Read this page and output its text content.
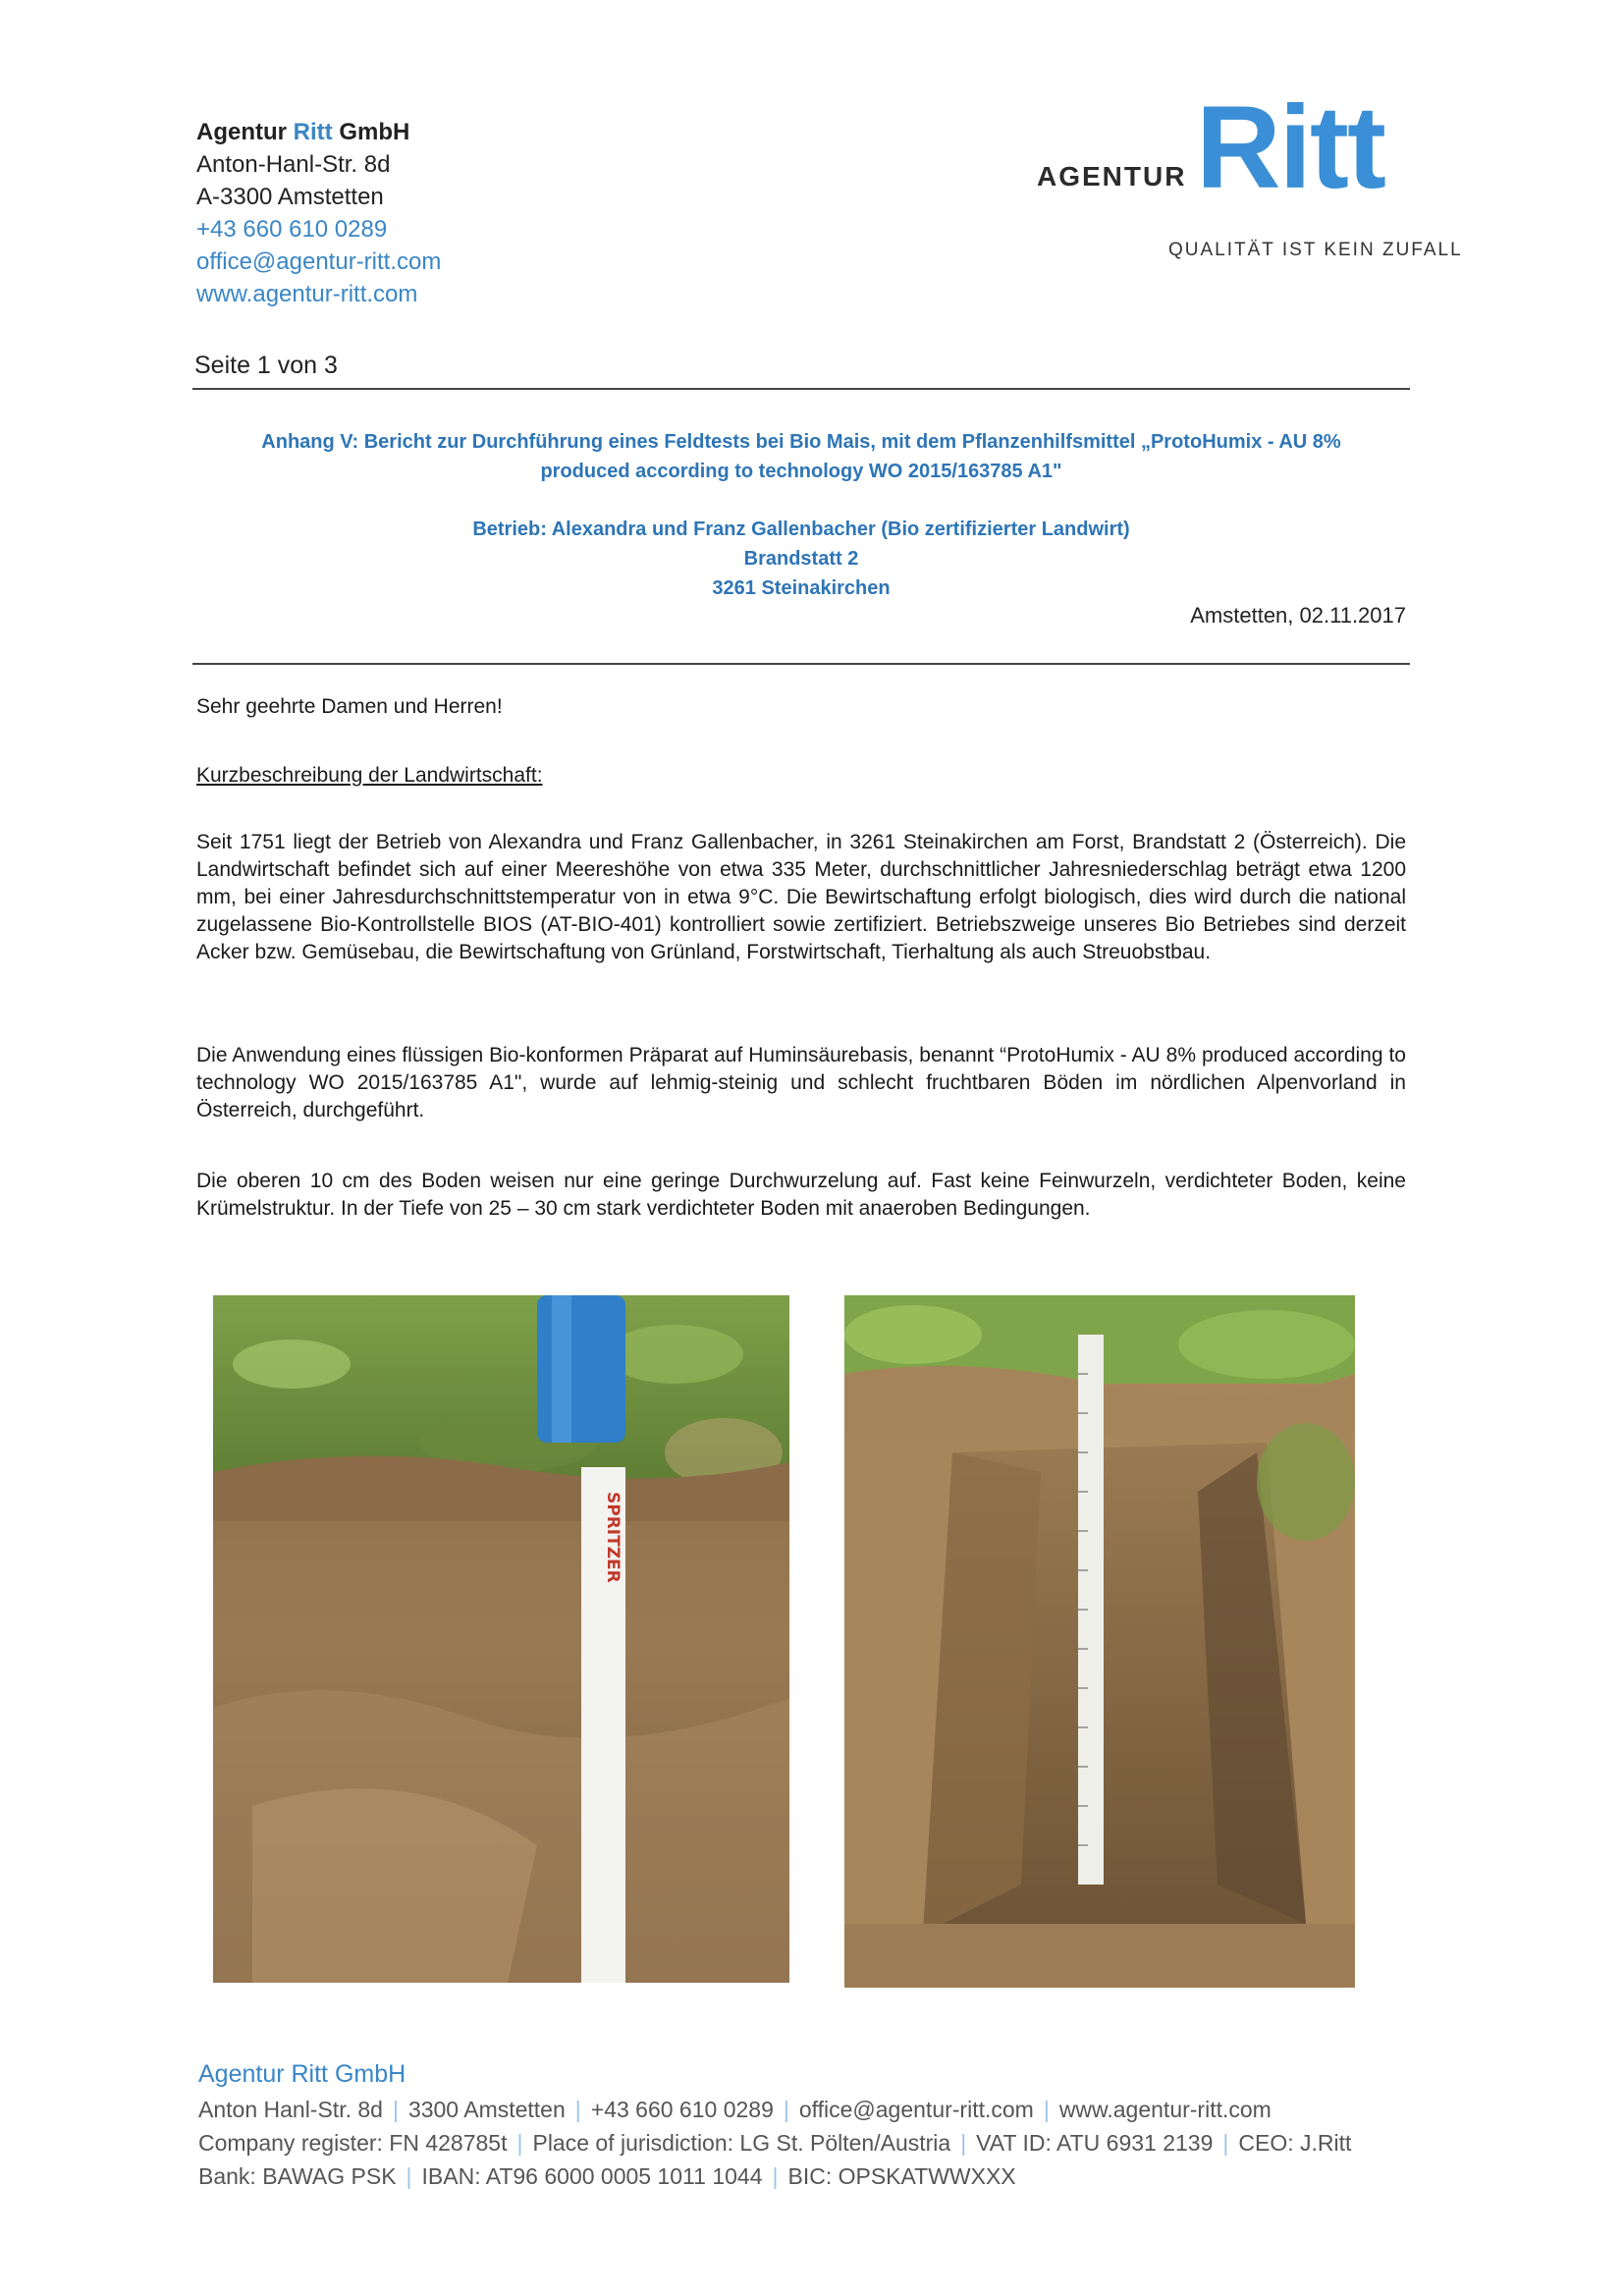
Agentur Ritt GmbH
Anton-Hanl-Str. 8d
A-3300 Amstetten
+43 660 610 0289
office@agentur-ritt.com
www.agentur-ritt.com
AGENTUR Ritt
QUALITÄT IST KEIN ZUFALL
Seite 1 von 3
Anhang V: Bericht zur Durchführung eines Feldtests bei Bio Mais, mit dem Pflanzenhilfsmittel „ProtoHumix - AU 8%
produced according to technology WO 2015/163785 A1"
Betrieb: Alexandra und Franz Gallenbacher (Bio zertifizierter Landwirt)
Brandstatt 2
3261 Steinakirchen
Amstetten, 02.11.2017
Sehr geehrte Damen und Herren!
Kurzbeschreibung der Landwirtschaft:
Seit 1751 liegt der Betrieb von Alexandra und Franz Gallenbacher, in 3261 Steinakirchen am Forst, Brandstatt 2 (Österreich). Die Landwirtschaft befindet sich auf einer Meereshöhe von etwa 335 Meter, durchschnittlicher Jahresniederschlag beträgt etwa 1200 mm, bei einer Jahresdurchschnittstemperatur von in etwa 9°C. Die Bewirtschaftung erfolgt biologisch, dies wird durch die national zugelassene Bio-Kontrollstelle BIOS (AT-BIO-401) kontrolliert sowie zertifiziert. Betriebszweige unseres Bio Betriebes sind derzeit Acker bzw. Gemüsebau, die Bewirtschaftung von Grünland, Forstwirtschaft, Tierhaltung als auch Streuobstbau.
Die Anwendung eines flüssigen Bio-konformen Präparat auf Huminsäurebasis, benannt “ProtoHumix - AU 8% produced according to technology WO 2015/163785 A1", wurde auf lehmig-steinig und schlecht fruchtbaren Böden im nördlichen Alpenvorland in Österreich, durchgeführt.
Die oberen 10 cm des Boden weisen nur eine geringe Durchwurzelung auf. Fast keine Feinwurzeln, verdichteter Boden, keine Krümelstruktur. In der Tiefe von 25 – 30 cm stark verdichteter Boden mit anaeroben Bedingungen.
SPRITZER
Agentur Ritt GmbH
Anton Hanl-Str. 8d | 3300 Amstetten | +43 660 610 0289 | office@agentur-ritt.com | www.agentur-ritt.com
Company register: FN 428785t | Place of jurisdiction: LG St. Pölten/Austria | VAT ID: ATU 6931 2139 | CEO: J.Ritt
Bank: BAWAG PSK | IBAN: AT96 6000 0005 1011 1044 | BIC: OPSKATWWXXX
